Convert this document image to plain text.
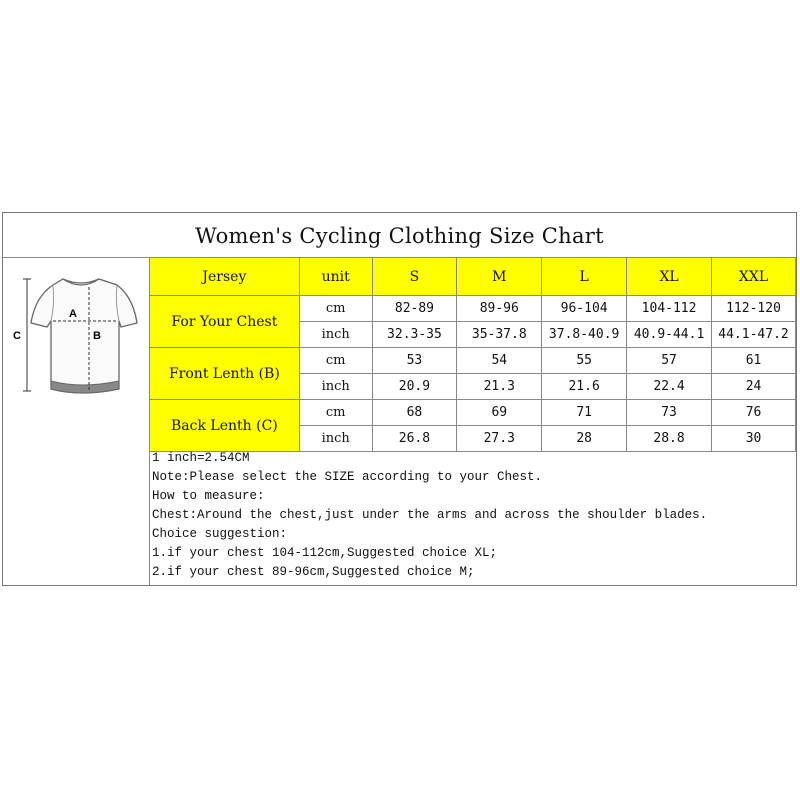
Women's Cycling Clothing Size Chart
A
B
C
Jersey	unit	S	M	L	XL	XXL
For Your Chest	cm	82-89	89-96	96-104	104-112	112-120
	inch	32.3-35	35-37.8	37.8-40.9	40.9-44.1	44.1-47.2
Front Lenth (B)	cm	53	54	55	57	61
	inch	20.9	21.3	21.6	22.4	24
Back Lenth (C)	cm	68	69	71	73	76
	inch	26.8	27.3	28	28.8	30
1 inch=2.54CM
Note:Please select the SIZE according to your Chest.
How to measure:
Chest:Around the chest,just under the arms and across the shoulder blades.
Choice suggestion:
1.if your chest 104-112cm,Suggested choice XL;
2.if your chest 89-96cm,Suggested choice M;
